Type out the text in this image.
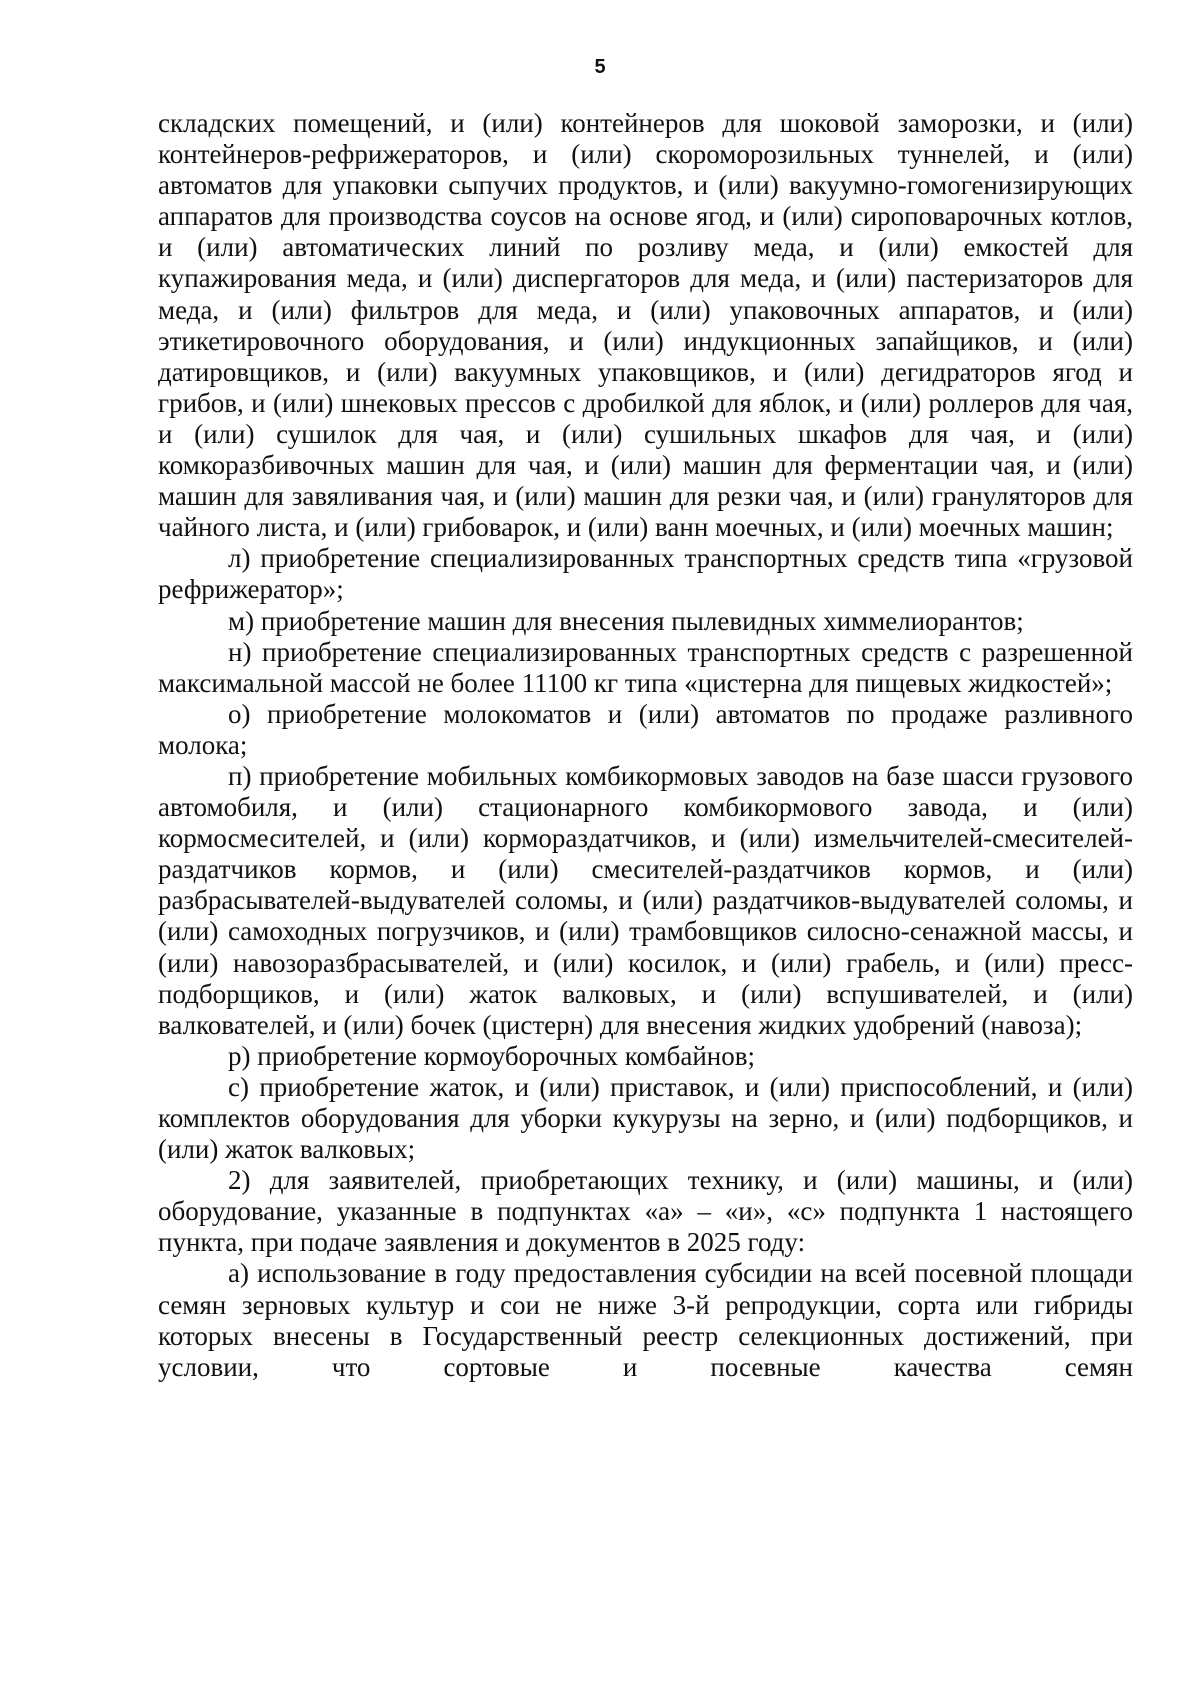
5

складских помещений, и (или) контейнеров для шоковой заморозки, и (или) контейнеров-рефрижераторов, и (или) скороморозильных туннелей, и (или) автоматов для упаковки сыпучих продуктов, и (или) вакуумно-гомогенизирующих аппаратов для производства соусов на основе ягод, и (или) сироповарочных котлов, и (или) автоматических линий по розливу меда, и (или) емкостей для купажирования меда, и (или) диспергаторов для меда, и (или) пастеризаторов для меда, и (или) фильтров для меда, и (или) упаковочных аппаратов, и (или) этикетировочного оборудования, и (или) индукционных запайщиков, и (или) датировщиков, и (или) вакуумных упаковщиков, и (или) дегидраторов ягод и грибов, и (или) шнековых прессов с дробилкой для яблок, и (или) роллеров для чая, и (или) сушилок для чая, и (или) сушильных шкафов для чая, и (или) комкоразбивочных машин для чая, и (или) машин для ферментации чая, и (или) машин для завяливания чая, и (или) машин для резки чая, и (или) грануляторов для чайного листа, и (или) грибоварок, и (или) ванн моечных, и (или) моечных машин;

л) приобретение специализированных транспортных средств типа «грузовой рефрижератор»;

м) приобретение машин для внесения пылевидных химмелиорантов;

н) приобретение специализированных транспортных средств с разрешенной максимальной массой не более 11100 кг типа «цистерна для пищевых жидкостей»;

о) приобретение молокоматов и (или) автоматов по продаже разливного молока;

п) приобретение мобильных комбикормовых заводов на базе шасси грузового автомобиля, и (или) стационарного комбикормового завода, и (или) кормосмесителей, и (или) кормораздатчиков, и (или) измельчителей-смесителей-раздатчиков кормов, и (или) смесителей-раздатчиков кормов, и (или) разбрасывателей-выдувателей соломы, и (или) раздатчиков-выдувателей соломы, и (или) самоходных погрузчиков, и (или) трамбовщиков силосно-сенажной массы, и (или) навозоразбрасывателей, и (или) косилок, и (или) грабель, и (или) пресс-подборщиков, и (или) жаток валковых, и (или) вспушивателей, и (или) валкователей, и (или) бочек (цистерн) для внесения жидких удобрений (навоза);

р) приобретение кормоуборочных комбайнов;

с) приобретение жаток, и (или) приставок, и (или) приспособлений, и (или) комплектов оборудования для уборки кукурузы на зерно, и (или) подборщиков, и (или) жаток валковых;

2) для заявителей, приобретающих технику, и (или) машины, и (или) оборудование, указанные в подпунктах «а» – «и», «с» подпункта 1 настоящего пункта, при подаче заявления и документов в 2025 году:

а) использование в году предоставления субсидии на всей посевной площади семян зерновых культур и сои не ниже 3-й репродукции, сорта или гибриды которых внесены в Государственный реестр селекционных достижений, при условии, что сортовые и посевные качества семян
